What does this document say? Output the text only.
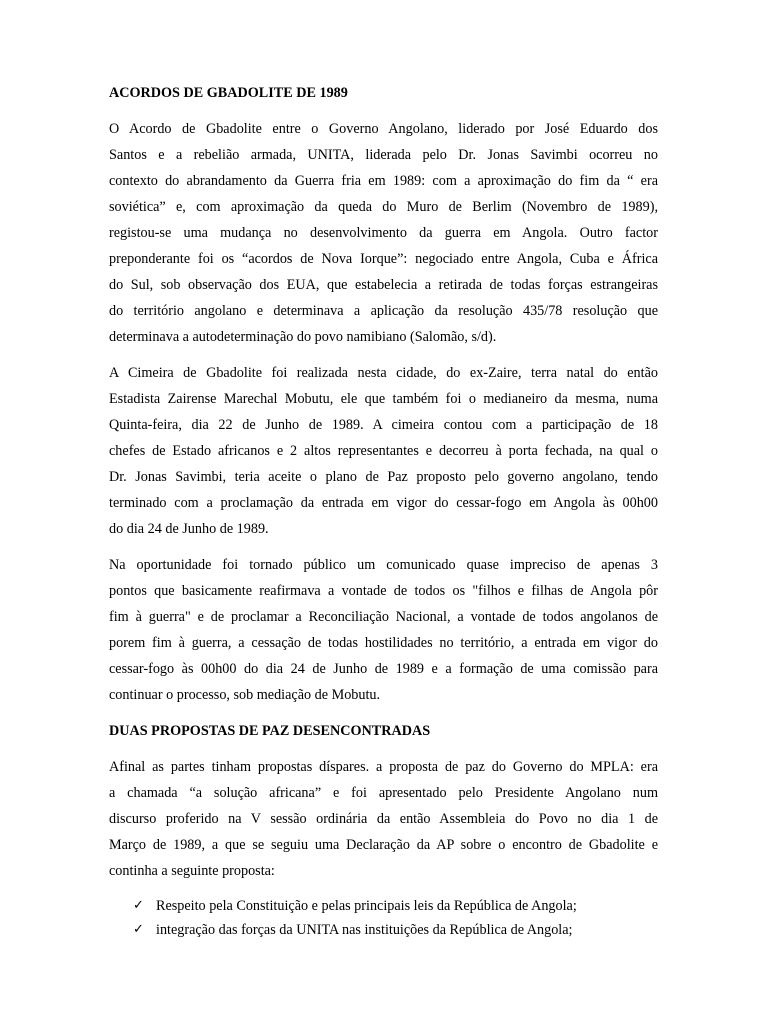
ACORDOS DE GBADOLITE DE 1989
O Acordo de Gbadolite entre o Governo Angolano, liderado por José Eduardo dos
Santos e a rebelião armada, UNITA, liderada pelo Dr. Jonas Savimbi ocorreu no
contexto do abrandamento da Guerra fria em 1989: com a aproximação do fim da “ era
soviética” e, com aproximação da queda do Muro de Berlim (Novembro de 1989),
registou-se uma mudança no desenvolvimento da guerra em Angola. Outro factor
preponderante foi os “acordos de Nova Iorque”: negociado entre Angola, Cuba e África
do Sul, sob observação dos EUA, que estabelecia a retirada de todas forças estrangeiras
do território angolano e determinava a aplicação da resolução 435/78 resolução que
determinava a autodeterminação do povo namibiano (Salomão, s/d).
A Cimeira de Gbadolite foi realizada nesta cidade, do ex-Zaire, terra natal do então
Estadista Zairense Marechal Mobutu, ele que também foi o medianeiro da mesma, numa
Quinta-feira, dia 22 de Junho de 1989. A cimeira contou com a participação de 18
chefes de Estado africanos e 2 altos representantes e decorreu à porta fechada, na qual o
Dr. Jonas Savimbi, teria aceite o plano de Paz proposto pelo governo angolano, tendo
terminado com a proclamação da entrada em vigor do cessar-fogo em Angola às 00h00
do dia 24 de Junho de 1989.
Na oportunidade foi tornado público um comunicado quase impreciso de apenas 3
pontos que basicamente reafirmava a vontade de todos os "filhos e filhas de Angola pôr
fim à guerra" e de proclamar a Reconciliação Nacional, a vontade de todos angolanos de
porem fim à guerra, a cessação de todas hostilidades no território, a entrada em vigor do
cessar-fogo às 00h00 do dia 24 de Junho de 1989 e a formação de uma comissão para
continuar o processo, sob mediação de Mobutu.
DUAS PROPOSTAS DE PAZ DESENCONTRADAS
Afinal as partes tinham propostas díspares. a proposta de paz do Governo do MPLA: era
a chamada “a solução africana” e foi apresentado pelo Presidente Angolano num
discurso proferido na V sessão ordinária da então Assembleia do Povo no dia 1 de
Março de 1989, a que se seguiu uma Declaração da AP sobre o encontro de Gbadolite e
continha a seguinte proposta:
✓ Respeito pela Constituição e pelas principais leis da República de Angola;
✓ integração das forças da UNITA nas instituições da República de Angola;
